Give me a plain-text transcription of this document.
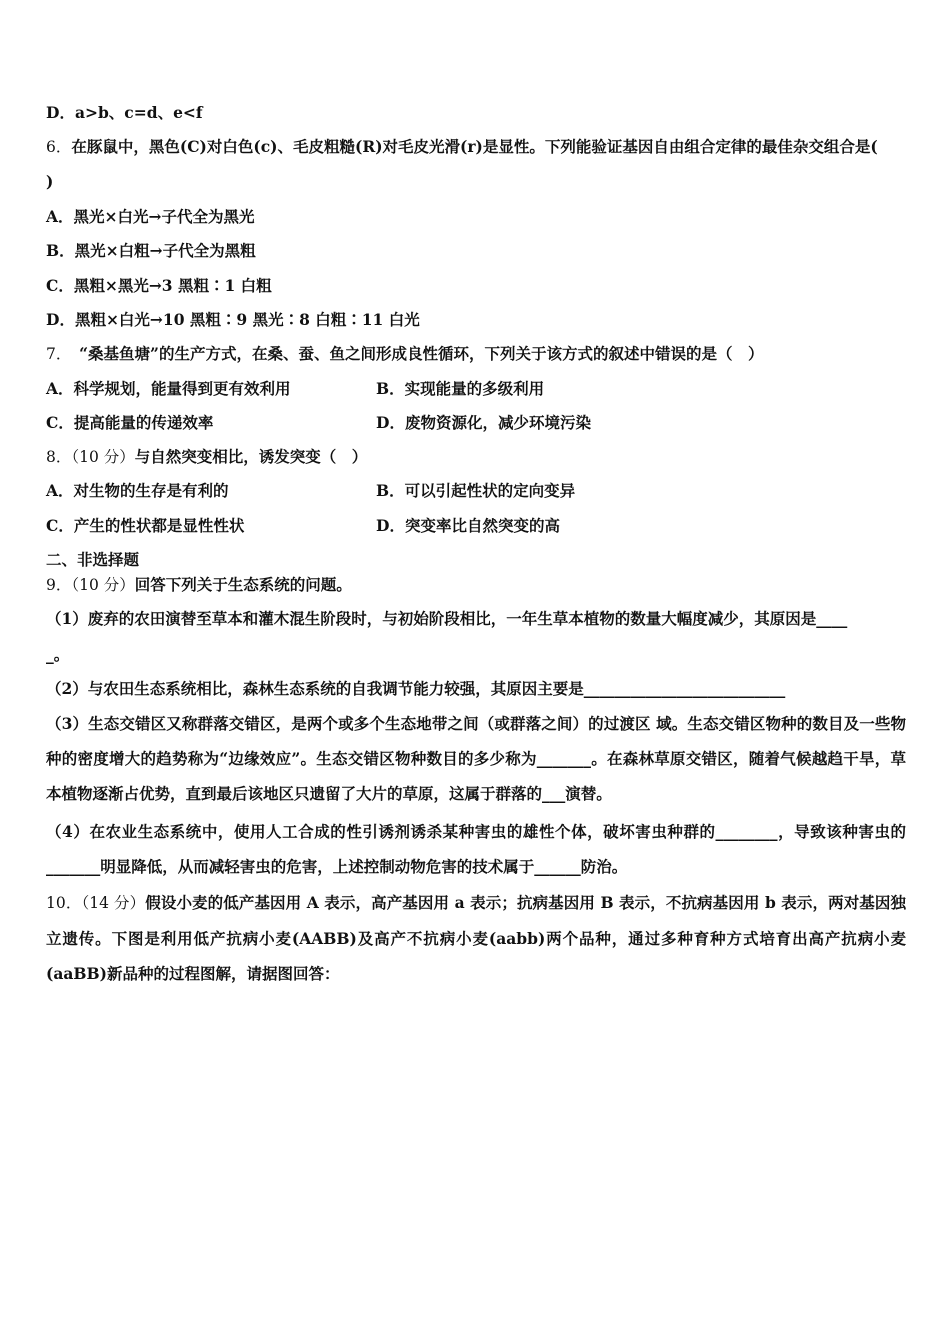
D．a>b、c=d、e<f
6．在豚鼠中，黑色(C)对白色(c)、毛皮粗糙(R)对毛皮光滑(r)是显性。下列能验证基因自由组合定律的最佳杂交组合是(
)
A．黑光×白光→子代全为黑光
B．黑光×白粗→子代全为黑粗
C．黑粗×黑光→3 黑粗∶1 白粗
D．黑粗×白光→10 黑粗∶9 黑光∶8 白粗∶11 白光
7．　 “桑基鱼塘”的生产方式，在桑、蚕、鱼之间形成良性循环，下列关于该方式的叙述中错误的是（　）
A．科学规划，能量得到更有效利用	B．实现能量的多级利用
C．提高能量的传递效率	D．废物资源化，减少环境污染
8．（10 分）与自然突变相比，诱发突变（　）
A．对生物的生存是有利的	B．可以引起性状的定向变异
C．产生的性状都是显性性状	D．突变率比自然突变的高
二、非选择题
9．（10 分）回答下列关于生态系统的问题。
（1）废弃的农田演替至草本和灌木混生阶段时，与初始阶段相比，一年生草本植物的数量大幅度减少，其原因是____
_。
（2）与农田生态系统相比，森林生态系统的自我调节能力较强，其原因主要是__________________________
（3）生态交错区又称群落交错区，是两个或多个生态地带之间（或群落之间）的过渡区 域。生态交错区物种的数目及一些物种的密度增大的趋势称为“边缘效应”。生态交错区物种数目的多少称为_______。在森林草原交错区，随着气候越趋干旱，草本植物逐渐占优势，直到最后该地区只遗留了大片的草原，这属于群落的___演替。
（4）在农业生态系统中，使用人工合成的性引诱剂诱杀某种害虫的雄性个体，破坏害虫种群的________，导致该种害虫的_______明显降低，从而减轻害虫的危害，上述控制动物危害的技术属于______防治。
10．（14 分）假设小麦的低产基因用 A 表示，高产基因用 a 表示；抗病基因用 B 表示，不抗病基因用 b 表示，两对基因独立遗传。下图是利用低产抗病小麦(AABB)及高产不抗病小麦(aabb)两个品种，通过多种育种方式培育出高产抗病小麦(aaBB)新品种的过程图解，请据图回答：
